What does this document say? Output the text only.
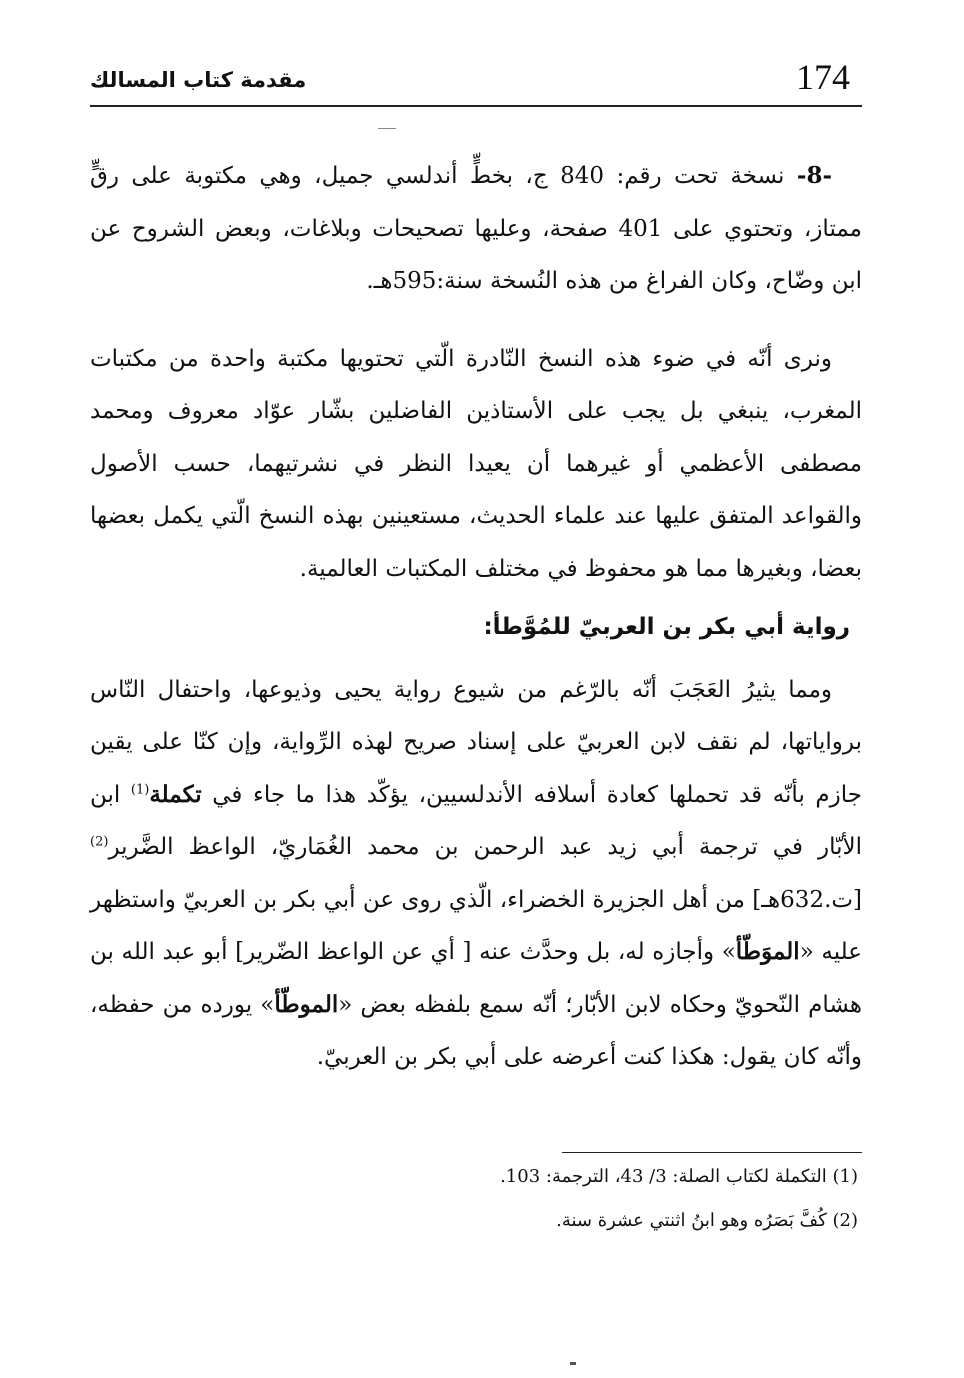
174
مقدمة كتاب المسالك

-8- نسخة تحت رقم: 840 ج، بخطٍّ أندلسي جميل، وهي مكتوبة على رقٍّ ممتاز، وتحتوي على 401 صفحة، وعليها تصحيحات وبلاغات، وبعض الشروح عن ابن وضّاح، وكان الفراغ من هذه النُسخة سنة:595هـ.

ونرى أنّه في ضوء هذه النسخ النّادرة الّتي تحتويها مكتبة واحدة من مكتبات المغرب، ينبغي بل يجب على الأستاذين الفاضلين بشّار عوّاد معروف ومحمد مصطفى الأعظمي أو غيرهما أن يعيدا النظر في نشرتيهما، حسب الأصول والقواعد المتفق عليها عند علماء الحديث، مستعينين بهذه النسخ الّتي يكمل بعضها بعضا، وبغيرها مما هو محفوظ في مختلف المكتبات العالمية.

رواية أبي بكر بن العربيّ للمُوَّطأ:

ومما يثيرُ العَجَبَ أنّه بالرّغم من شيوع رواية يحيى وذيوعها، واحتفال النّاس برواياتها، لم نقف لابن العربيّ على إسناد صريح لهذه الرِّواية، وإن كنّا على يقين جازم بأنّه قد تحملها كعادة أسلافه الأندلسيين، يؤكّد هذا ما جاء في تكملة$^{(1)}$ ابن الأبّار في ترجمة أبي زيد عبد الرحمن بن محمد الغُمَاريّ، الواعظ الضَّرير$^{(2)}$ [ت.632هـ] من أهل الجزيرة الخضراء، الّذي روى عن أبي بكر بن العربيّ واستظهر عليه «الموَطّأ» وأجازه له، بل وحدَّث عنه [ أي عن الواعظ الضّرير] أبو عبد الله بن هشام النّحويّ وحكاه لابن الأبّار؛ أنّه سمع بلفظه بعض «الموطّأ» يورده من حفظه، وأنّه كان يقول: هكذا كنت أعرضه على أبي بكر بن العربيّ.

(1) التكملة لكتاب الصلة: 3/ 43، الترجمة: 103.

(2) كُفَّ بَصَرُه وهو ابنُ اثنتي عشرة سنة.
